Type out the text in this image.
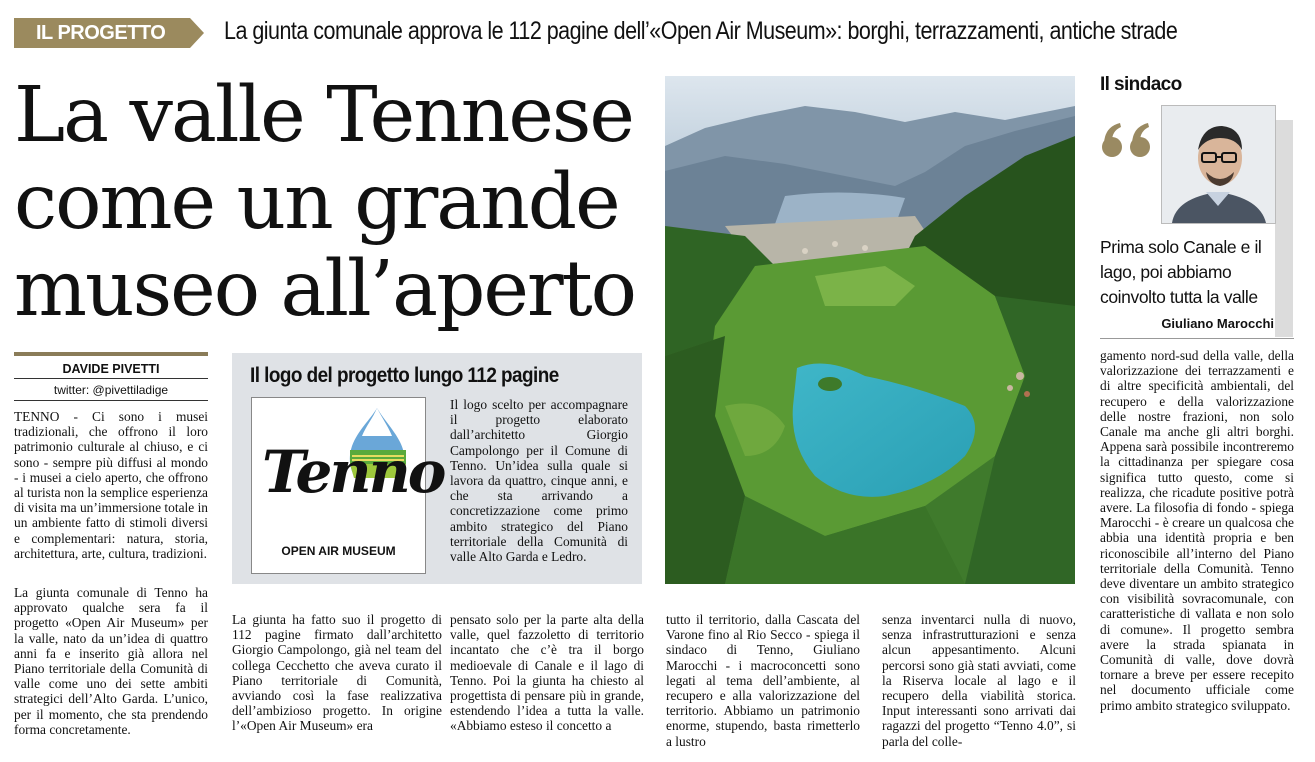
IL PROGETTO La giunta comunale approva le 112 pagine dell’«Open Air Museum»: borghi, terrazzamenti, antiche strade
La valle Tennese
come un grande
museo all’aperto
DAVIDE PIVETTI
twitter: @pivettiladige
TENNO - Ci sono i musei tradizionali, che offrono il loro patrimonio culturale al chiuso, e ci sono - sempre più diffusi al mondo - i musei a cielo aperto, che offrono al turista non la semplice esperienza di visita ma un’immersione totale in un ambiente fatto di stimoli diversi e complementari: natura, storia, architettura, arte, cultura, tradizioni.
La giunta comunale di Tenno ha approvato qualche sera fa il progetto «Open Air Museum» per la valle, nato da un’idea di quattro anni fa e inserito già allora nel Piano territoriale della Comunità di valle come uno dei sette ambiti strategici dell’Alto Garda. L’unico, per il momento, che sta prendendo forma concretamente.
Il logo del progetto lungo 112 pagine
Tenno
OPEN AIR MUSEUM
Il logo scelto per accompagnare il progetto elaborato dall’architetto Giorgio Campolongo per il Comune di Tenno. Un’idea sulla quale si lavora da quattro, cinque anni, e che sta arrivando a concretizzazione come primo ambito strategico del Piano territoriale della Comunità di valle Alto Garda e Ledro.
La giunta ha fatto suo il progetto di 112 pagine firmato dall’architetto Giorgio Campolongo, già nel team del collega Cecchetto che aveva curato il Piano territoriale di Comunità, avviando così la fase realizzativa dell’ambizioso progetto. In origine l’«Open Air Museum» era
pensato solo per la parte alta della valle, quel fazzoletto di territorio incantato che c’è tra il borgo medioevale di Canale e il lago di Tenno. Poi la giunta ha chiesto al progettista di pensare più in grande, estendendo l’idea a tutta la valle. «Abbiamo esteso il concetto a
tutto il territorio, dalla Cascata del Varone fino al Rio Secco - spiega il sindaco di Tenno, Giuliano Marocchi - i macroconcetti sono legati al tema dell’ambiente, al recupero e alla valorizzazione del territorio. Abbiamo un patrimonio enorme, stupendo, basta rimetterlo a lustro
senza inventarci nulla di nuovo, senza infrastrutturazioni e senza alcun appesantimento. Alcuni percorsi sono già stati avviati, come la Riserva locale al lago e il recupero della viabilità storica. Input interessanti sono arrivati dai ragazzi del progetto “Tenno 4.0”, si parla del colle-
gamento nord-sud della valle, della valorizzazione dei terrazzamenti e di altre specificità ambientali, del recupero e della valorizzazione delle nostre frazioni, non solo Canale ma anche gli altri borghi. Appena sarà possibile incontreremo la cittadinanza per spiegare cosa significa tutto questo, come si realizza, che ricadute positive potrà avere. La filosofia di fondo - spiega Marocchi - è creare un qualcosa che abbia una identità propria e ben riconoscibile all’interno del Piano territoriale della Comunità. Tenno deve diventare un ambito strategico con visibilità sovracomunale, con caratteristiche di vallata e non solo di comune». Il progetto sembra avere la strada spianata in Comunità di valle, dove dovrà tornare a breve per essere recepito nel documento ufficiale come primo ambito strategico sviluppato.
Il sindaco
Prima solo Canale e il lago, poi abbiamo coinvolto tutta la valle
Giuliano Marocchi
